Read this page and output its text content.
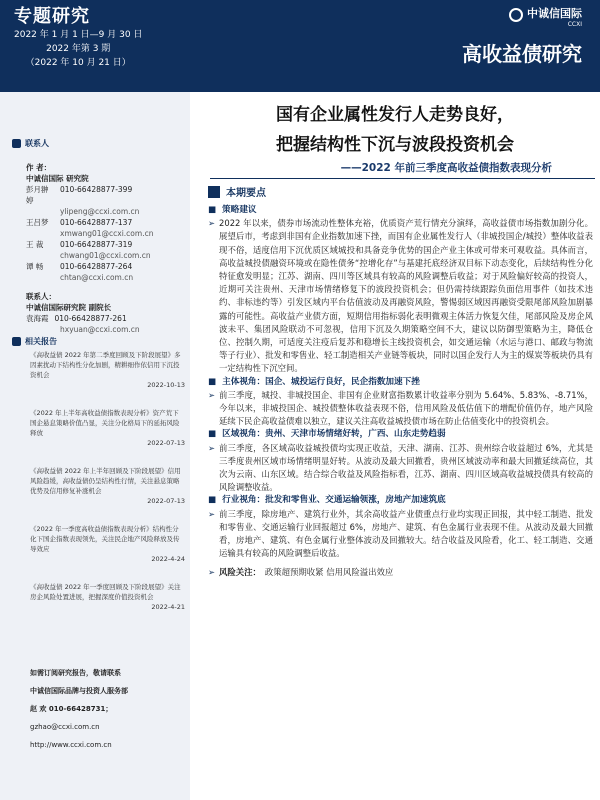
专题研究
2022 年 1 月 1 日—9 月 30 日
2022 年第 3 期
（2022 年 10 月 21 日）
中诚信国际
CCXI
高收益债研究
联系人
作 者：
中诚信国际 研究院
彭月翀婷
010-66428877-399
ylipeng@ccxi.com.cn
王吕梦	010-66428877-137
xmwang01@ccxi.com.cn
王 裁	010-66428877-319
chwang01@ccxi.com.cn
谭 畅	010-66428877-264
chtan@ccxi.com.cn
联系人：
中诚信国际研究院 副院长
袁海霞 010-66428877-261
hxyuan@ccxi.com.cn
相关报告
《高收益债 2022 年第二季度回顾及下阶段展望》多因素扰动下结构性分化加剧，精耕细作依信用下沉投资机会
2022-10-13
《2022 年上半年高收益债指数表现分析》资产荒下国企悬息策略价值凸显，关注分化格局下的延拓风险释放
2022-07-13
《高收益债 2022 年上半年回顾及下阶段展望》信用风险趋缓，高收益债仍呈结构性行情，关注悬息策略优势及信用修复补涨机会
2022-07-13
《2022 年一季度高收益债指数表现分析》结构性分化下国企指数表现领先，关注民企地产风险释放及传导效应
2022-4-24
《高收益债 2022 年一季度回顾及下阶段展望》关注房企风险处置进展，把握深度价值投资机会
2022-4-21
如需订阅研究报告，敬请联系
中诚信国际品牌与投资人服务部
赵 欢 010-66428731；
gzhao@ccxi.com.cn
http://www.ccxi.com.cn
国有企业属性发行人走势良好，
把握结构性下沉与波段投资机会
——2022 年前三季度高收益债指数表现分析
本期要点
■ 策略建议
➢ 2022 年以来，债券市场流动性整体充裕，优质资产荒行情充分演绎，高收益债市场指数加剧分化。展望后市，考虑到非国有企业指数加速下挫，而国有企业属性发行人（非城投国企/城投）整体收益表现不俗，适度信用下沉优质区域城投和具备竞争优势的国企产业主体或可带来可观收益。具体而言，高收益城投债融资环境或在隐性债务“控增化存”与基建托底经济双目标下动态变化，后续结构性分化特征愈发明显；江苏、湖南、四川等区域具有较高的风险调整后收益；对于风险偏好较高的投资人，近期可关注贵州、天津市场情绪修复下的波段投资机会；但仍需持续跟踪负面信用事件（如技术违约、非标违约等）引发区域内平台估值波动及再融资风险，警惕弱区域因再融资受限尾部风险加剧暴露的可能性。高收益产业债方面，短期信用指标弱化表明微观主体活力恢复欠佳，尾部风险及房企风波未平、集团风险联动不可忽视，信用下沉及久期策略空间不大，建议以防御型策略为主，降低仓位、控制久期，可适度关注疫后复苏和稳增长主线投资机会，如交通运输（水运与港口、邮政与物流等子行业）、批发和零售业、轻工制造相关产业链等板块，同时以国企发行人为主的煤炭等板块仍具有一定结构性下沉空间。
■ 主体视角：国企、城投运行良好，民企指数加速下挫
➢ 前三季度，城投、非城投国企、非国有企业财富指数累计收益率分别为 5.64%、5.83%、-8.71%，今年以来，非城投国企、城投债整体收益表现不俗，信用风险及低估值下的增配价值仍存，地产风险延续下民企高收益债难以独立，建议关注高收益城投债市场在防止估值变化中的投资机会。
■ 区域视角：贵州、天津市场情绪好转，广西、山东走势趋弱
➢ 前三季度，各区域高收益城投债均实现正收益，天津、湖南、江苏、贵州综合收益超过 6%，尤其是三季度贵州区域市场情绪明显好转。从波动及最大回撤看，贵州区域波动率和最大回撤延续高位，其次为云南、山东区域。结合综合收益及风险指标看，江苏、湖南、四川区域高收益城投债具有较高的风险调整收益。
■ 行业视角：批发和零售业、交通运输领涨，房地产加速筑底
➢ 前三季度，除房地产、建筑行业外，其余高收益产业债重点行业均实现正回报，其中轻工制造、批发和零售业、交通运输行业回报超过 6%，房地产、建筑、有色金属行业表现不佳。从波动及最大回撤看，房地产、建筑、有色金属行业整体波动及回撤较大。结合收益及风险看，化工、轻工制造、交通运输具有较高的风险调整后收益。
➢ 风险关注： 政策超预期收紧 信用风险溢出效应
